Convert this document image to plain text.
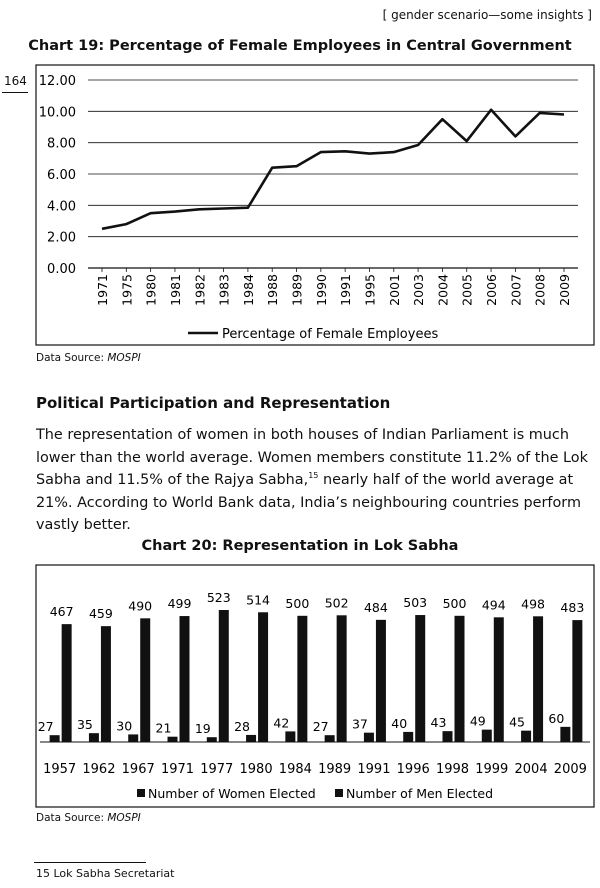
[ gender scenario—some insights ]
164
Chart 19: Percentage of Female Employees in Central Government
0.00
2.00
4.00
6.00
8.00
10.00
12.00
1971 1975 1980 1981 1982 1983 1984 1988 1989 1990 1991 1995 2001 2003 2004 2005 2006 2007 2008 2009
Percentage of Female Employees
Data Source: MOSPI
Political Participation and Representation
The representation of women in both houses of Indian Parliament is much lower than the world average. Women members constitute 11.2% of the Lok Sabha and 11.5% of the Rajya Sabha,$^{15}$ nearly half of the world average at 21%. According to World Bank data, India’s neighbouring countries perform vastly better.
Chart 20: Representation in Lok Sabha
27
467
35
459
30
490
21
499
19
523
28
514
42
500
27
502
37
484
40
503
43
500
49
494
45
498
60
483
1957 1962 1967 1971 1977 1980 1984 1989 1991 1996 1998 1999 2004 2009
Number of Women Elected Number of Men Elected
Data Source: MOSPI
15 Lok Sabha Secretariat
